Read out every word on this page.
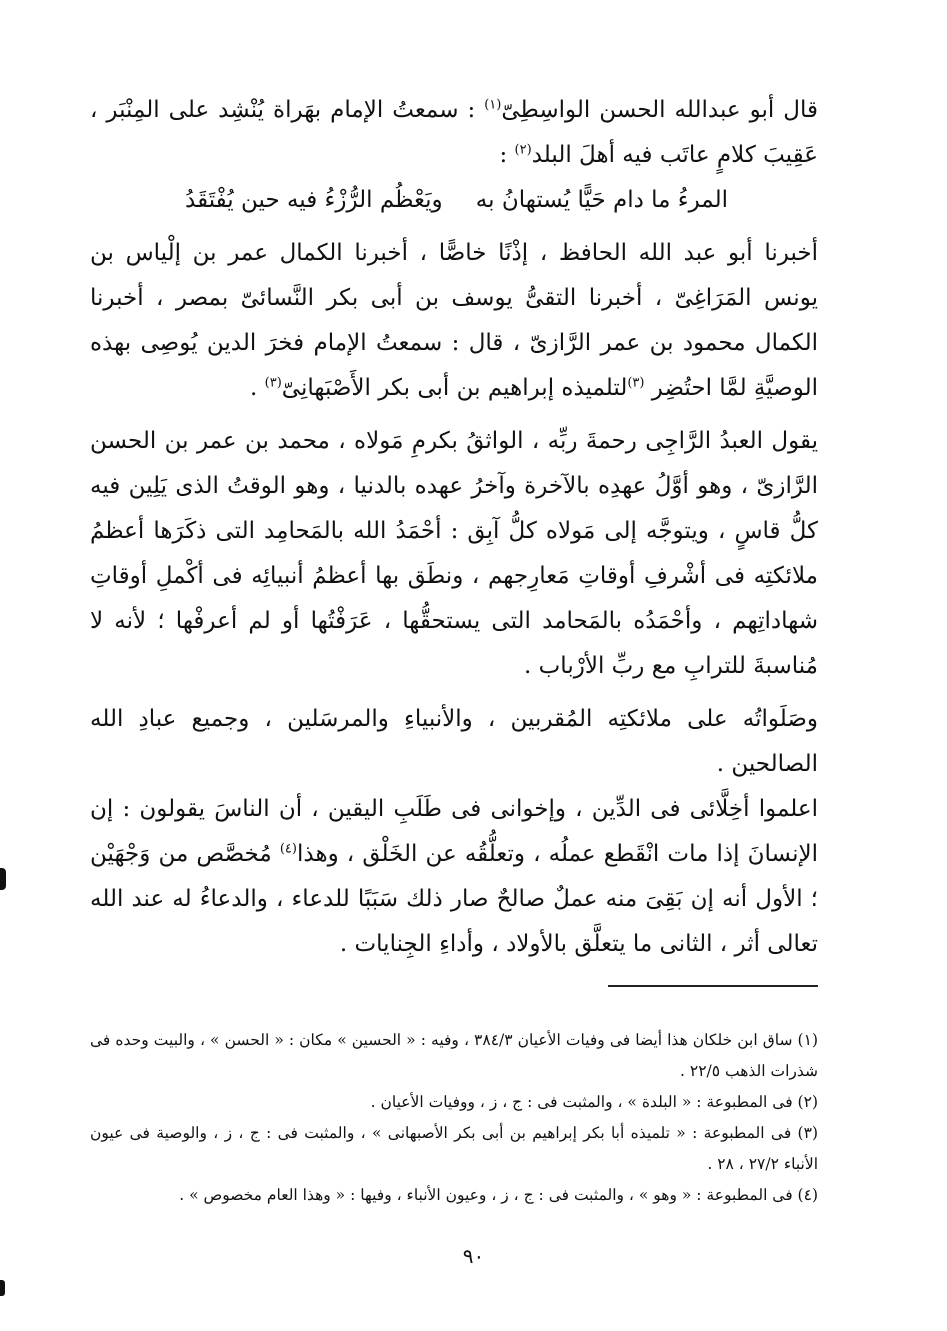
قال أبو عبدالله الحسن الواسِطِىّ$^{(١)}$ : سمعتُ الإمام بهَراة يُنْشِد على المِنْبَر ، عَقِيبَ كلامٍ عاتَب فيه أهلَ البلد$^{(٢)}$ :

المرءُ ما دام حَيًّا يُستهانُ به
ويَعْظُم الرُّزْءُ فيه حين يُفْتَقَدُ

أخبرنا أبو عبد الله الحافظ ، إذْنًا خاصًّا ، أخبرنا الكمال عمر بن إلْياس بن يونس المَرَاغِىّ ، أخبرنا التقىُّ يوسف بن أبى بكر النَّسائىّ بمصر ، أخبرنا الكمال محمود بن عمر الرَّازىّ ، قال : سمعتُ الإمام فخرَ الدين يُوصِى بهذه الوصيَّةِ لمَّا احتُضِر $^{(٣)}$لتلميذه إبراهيم بن أبى بكر الأَصْبَهانِىّ$^{(٣)}$ .

يقول العبدُ الرَّاجِى رحمةَ ربِّه ، الواثقُ بكرمِ مَولاه ، محمد بن عمر بن الحسن الرَّازىّ ، وهو أوَّلُ عهدِه بالآخرة وآخرُ عهده بالدنيا ، وهو الوقتُ الذى يَلِين فيه كلُّ قاسٍ ، ويتوجَّه إلى مَولاه كلُّ آبِق : أحْمَدُ الله بالمَحامِد التى ذكَرَها أعظمُ ملائكتِه فى أشْرفِ أوقاتِ مَعارِجهم ، ونطَق بها أعظمُ أنبيائِه فى أكْملِ أوقاتِ شهاداتِهم ، وأحْمَدُه بالمَحامد التى يستحقُّها ، عَرَفْتُها أو لم أعرفْها ؛ لأنه لا مُناسبةَ للترابِ مع ربِّ الأرْباب .

وصَلَواتُه على ملائكتِه المُقربين ، والأنبياءِ والمرسَلين ، وجميع عبادِ الله الصالحين .

اعلموا أخِلَّائى فى الدِّين ، وإخوانى فى طَلَبِ اليقين ، أن الناسَ يقولون : إن الإنسانَ إذا مات انْقَطع عملُه ، وتعلُّقُه عن الخَلْق ، وهذا$^{(٤)}$ مُخصَّص من وَجْهَيْن ؛ الأول أنه إن بَقِىَ منه عملٌ صالحٌ صار ذلك سَبَبًا للدعاء ، والدعاءُ له عند الله تعالى أثر ، الثانى ما يتعلَّق بالأولاد ، وأداءِ الجِنايات .

(١) ساق ابن خلكان هذا أيضا فى وفيات الأعيان ٣٨٤/٣ ، وفيه : « الحسين » مكان : « الحسن » ، والبيت وحده فى شذرات الذهب ٢٢/٥ .

(٢) فى المطبوعة : « البلدة » ، والمثبت فى : ج ، ز ، ووفيات الأعيان .

(٣) فى المطبوعة : « تلميذه أبا بكر إبراهيم بن أبى بكر الأصبهانى » ، والمثبت فى : ج ، ز ، والوصية فى عيون الأنباء ٢٧/٢ ، ٢٨ .

(٤) فى المطبوعة : « وهو » ، والمثبت فى : ج ، ز ، وعيون الأنباء ، وفيها : « وهذا العام مخصوص » .

٩٠
